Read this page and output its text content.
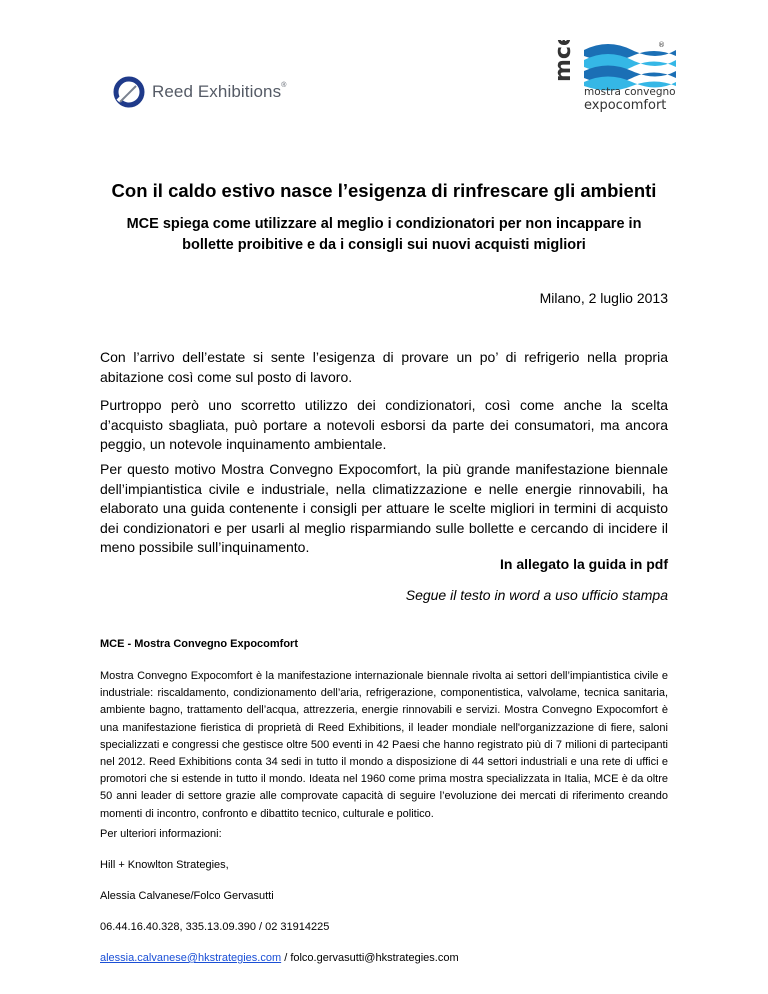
Reed Exhibitions®
mce	®
mostra convegno
expocomfort
Con il caldo estivo nasce l’esigenza di rinfrescare gli ambienti

MCE spiega come utilizzare al meglio i condizionatori per non incappare in bollette proibitive e da i consigli sui nuovi acquisti migliori

Milano, 2 luglio 2013

Con l’arrivo dell’estate si sente l’esigenza di provare un po’ di refrigerio nella propria abitazione così come sul posto di lavoro.

Purtroppo però uno scorretto utilizzo dei condizionatori, così come anche la scelta d’acquisto sbagliata, può portare a notevoli esborsi da parte dei consumatori, ma ancora peggio, un notevole inquinamento ambientale.

Per questo motivo Mostra Convegno Expocomfort, la più grande manifestazione biennale dell’impiantistica civile e industriale, nella climatizzazione e nelle energie rinnovabili, ha elaborato una guida contenente i consigli per attuare le scelte migliori in termini di acquisto dei condizionatori e per usarli al meglio risparmiando sulle bollette e cercando di incidere il meno possibile sull’inquinamento.

In allegato la guida in pdf
Segue il testo in word a uso ufficio stampa
MCE - Mostra Convegno Expocomfort

Mostra Convegno Expocomfort è la manifestazione internazionale biennale rivolta ai settori dell’impiantistica civile e industriale: riscaldamento, condizionamento dell’aria, refrigerazione, componentistica, valvolame, tecnica sanitaria, ambiente bagno, trattamento dell’acqua, attrezzeria, energie rinnovabili e servizi. Mostra Convegno Expocomfort è una manifestazione fieristica di proprietà di Reed Exhibitions, il leader mondiale nell'organizzazione di fiere, saloni specializzati e congressi che gestisce oltre 500 eventi in 42 Paesi che hanno registrato più di 7 milioni di partecipanti nel 2012. Reed Exhibitions conta 34 sedi in tutto il mondo a disposizione di 44 settori industriali e una rete di uffici e promotori che si estende in tutto il mondo. Ideata nel 1960 come prima mostra specializzata in Italia, MCE è da oltre 50 anni leader di settore grazie alle comprovate capacità di seguire l’evoluzione dei mercati di riferimento creando momenti di incontro, confronto e dibattito tecnico, culturale e politico.

Per ulteriori informazioni:
Hill + Knowlton Strategies,
Alessia Calvanese/Folco Gervasutti
06.44.16.40.328, 335.13.09.390 / 02 31914225
alessia.calvanese@hkstrategies.com / folco.gervasutti@hkstrategies.com
